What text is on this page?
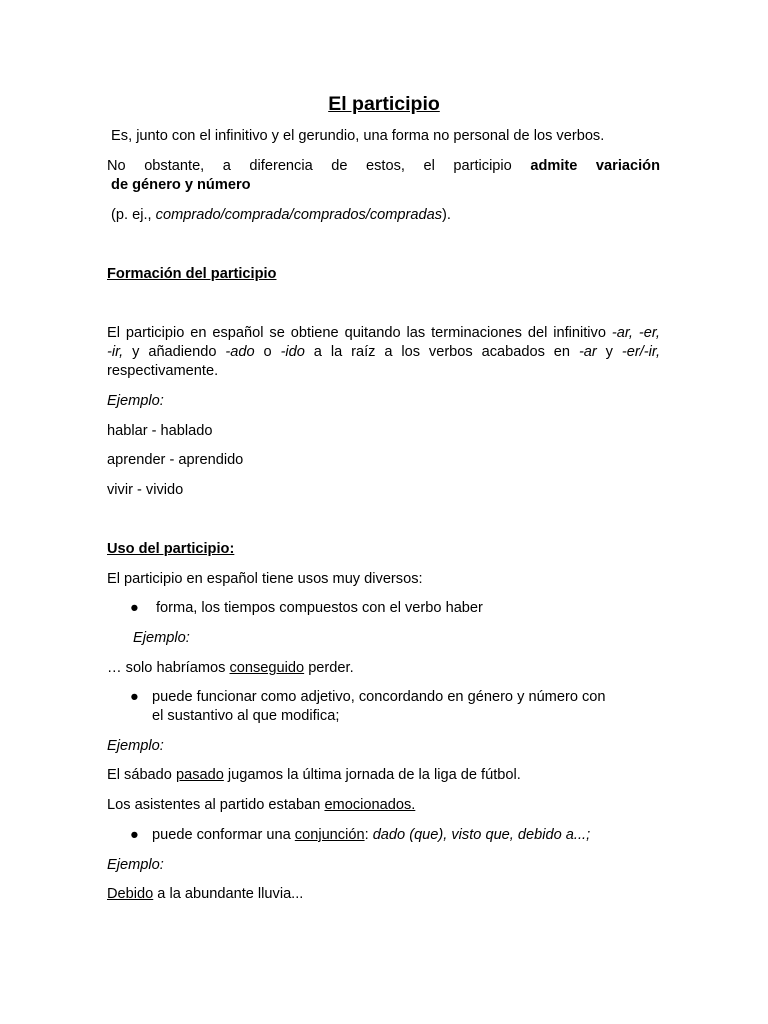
El participio
Es, junto con el infinitivo y el gerundio, una forma no personal de los verbos.
No obstante, a diferencia de estos, el participio admite variación
de género y número
(p. ej., comprado/comprada/comprados/compradas).
Formación del participio
El participio en español se obtiene quitando las terminaciones del infinitivo -ar, -er,
-ir, y añadiendo -ado o -ido a la raíz a los verbos acabados en -ar y -er/-ir,
respectivamente.
Ejemplo:
hablar - hablado
aprender - aprendido
vivir - vivido
Uso del participio:
El participio en español tiene usos muy diversos:
●	forma, los tiempos compuestos con el verbo haber
Ejemplo:
… solo habríamos conseguido perder.
● puede funcionar como adjetivo, concordando en género y número con
el sustantivo al que modifica;
Ejemplo:
El sábado pasado jugamos la última jornada de la liga de fútbol.
Los asistentes al partido estaban emocionados.
● puede conformar una conjunción: dado (que), visto que, debido a...;
Ejemplo:
Debido a la abundante lluvia...
